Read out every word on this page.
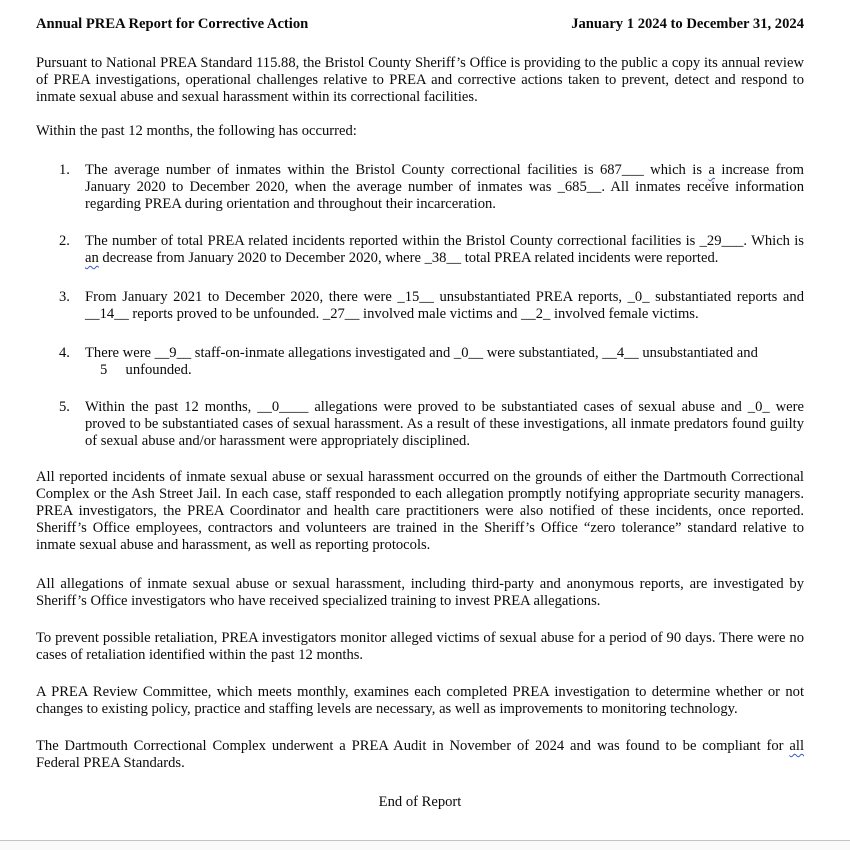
Annual PREA Report for Corrective Action	January 1 2024 to December 31, 2024

Pursuant to National PREA Standard 115.88, the Bristol County Sheriff’s Office is providing to the public a copy its annual review of PREA investigations, operational challenges relative to PREA and corrective actions taken to prevent, detect and respond to inmate sexual abuse and sexual harassment within its correctional facilities.

Within the past 12 months, the following has occurred:

1.	The average number of inmates within the Bristol County correctional facilities is 687___ which is a increase from January 2020 to December 2020, when the average number of inmates was _685__. All inmates receive information regarding PREA during orientation and throughout their incarceration.
2.	The number of total PREA related incidents reported within the Bristol County correctional facilities is _29___. Which is an decrease from January 2020 to December 2020, where _38__ total PREA related incidents were reported.
3.	From January 2021 to December 2020, there were _15__ unsubstantiated PREA reports, _0_ substantiated reports and __14__ reports proved to be unfounded. _27__ involved male victims and __2_ involved female victims.
4.	There were __9__ staff-on-inmate allegations investigated and _0__ were substantiated, __4__ unsubstantiated and
5     unfounded.
5.	Within the past 12 months, __0____ allegations were proved to be substantiated cases of sexual abuse and _0_ were proved to be substantiated cases of sexual harassment. As a result of these investigations, all inmate predators found guilty of sexual abuse and/or harassment were appropriately disciplined.

All reported incidents of inmate sexual abuse or sexual harassment occurred on the grounds of either the Dartmouth Correctional Complex or the Ash Street Jail. In each case, staff responded to each allegation promptly notifying appropriate security managers. PREA investigators, the PREA Coordinator and health care practitioners were also notified of these incidents, once reported. Sheriff’s Office employees, contractors and volunteers are trained in the Sheriff’s Office “zero tolerance” standard relative to inmate sexual abuse and harassment, as well as reporting protocols.

All allegations of inmate sexual abuse or sexual harassment, including third-party and anonymous reports, are investigated by Sheriff’s Office investigators who have received specialized training to invest PREA allegations.

To prevent possible retaliation, PREA investigators monitor alleged victims of sexual abuse for a period of 90 days. There were no cases of retaliation identified within the past 12 months.

A PREA Review Committee, which meets monthly, examines each completed PREA investigation to determine whether or not changes to existing policy, practice and staffing levels are necessary, as well as improvements to monitoring technology.

The Dartmouth Correctional Complex underwent a PREA Audit in November of 2024 and was found to be compliant for all Federal PREA Standards.

End of Report
